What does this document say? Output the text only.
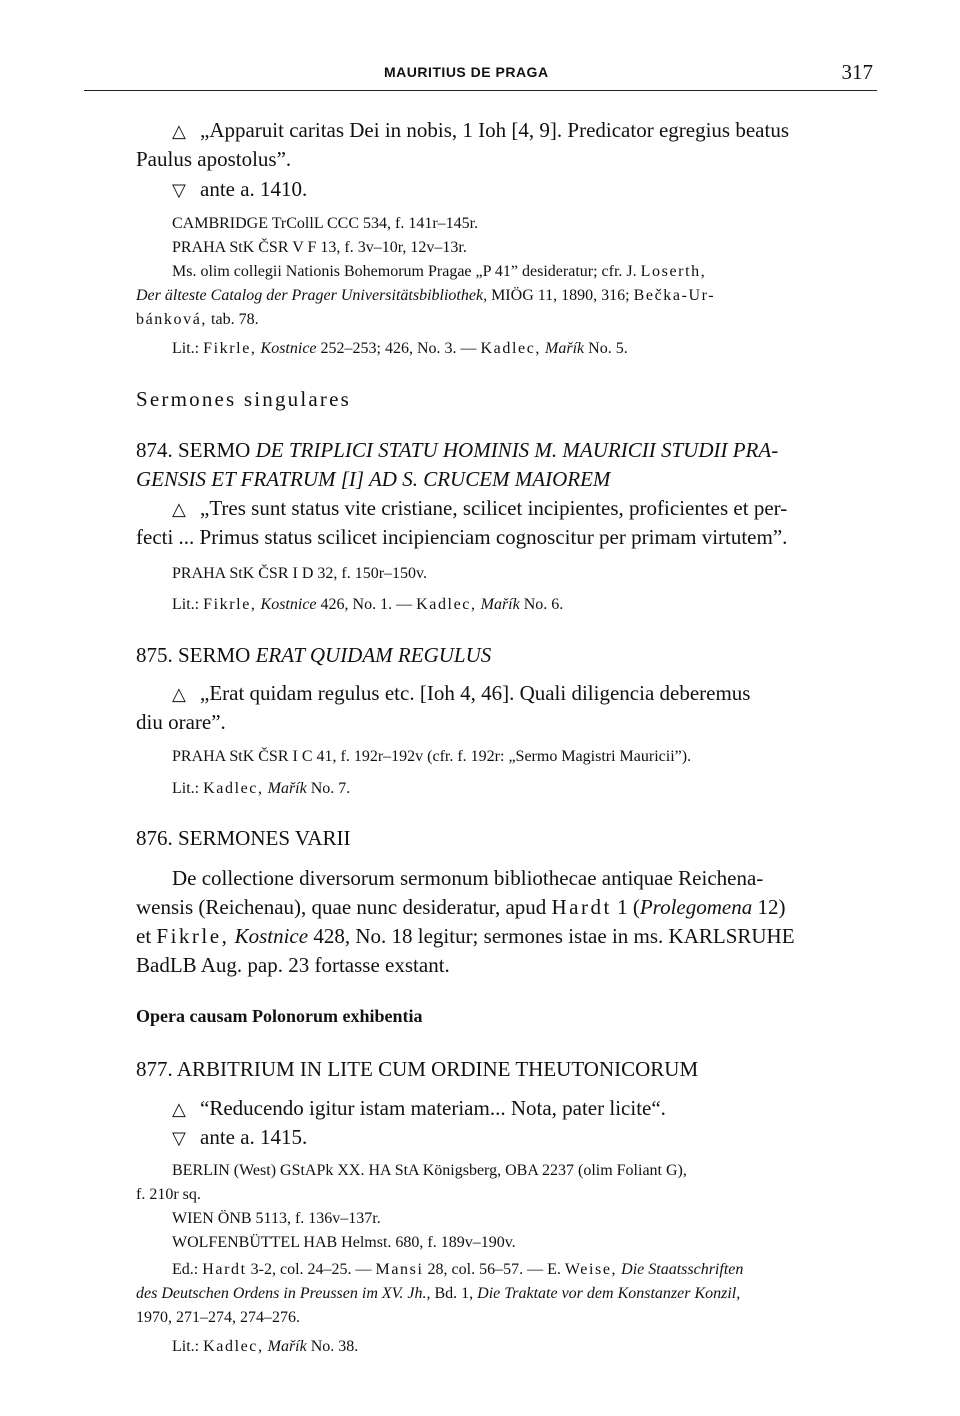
MAURITIUS DE PRAGA	317
△ „Apparuit caritas Dei in nobis, 1 Ioh [4, 9]. Predicator egregius beatus
Paulus apostolus”.
▽ ante a. 1410.
CAMBRIDGE TrCollL CCC 534, f. 141r–145r.
PRAHA StK ČSR V F 13, f. 3v–10r, 12v–13r.
Ms. olim collegii Nationis Bohemorum Pragae „P 41” desideratur; cfr. J. Loserth,
Der älteste Catalog der Prager Universitätsbibliothek, MIÖG 11, 1890, 316; Bečka-Ur-
bánková, tab. 78.
Lit.: Fikrle, Kostnice 252–253; 426, No. 3. — Kadlec, Mařík No. 5.
Sermones singulares
874. SERMO DE TRIPLICI STATU HOMINIS M. MAURICII STUDII PRA-
GENSIS ET FRATRUM [I] AD S. CRUCEM MAIOREM
△ „Tres sunt status vite cristiane, scilicet incipientes, proficientes et per-
fecti ... Primus status scilicet incipienciam cognoscitur per primam virtutem”.
PRAHA StK ČSR I D 32, f. 150r–150v.
Lit.: Fikrle, Kostnice 426, No. 1. — Kadlec, Mařík No. 6.
875. SERMO ERAT QUIDAM REGULUS
△ „Erat quidam regulus etc. [Ioh 4, 46]. Quali diligencia deberemus
diu orare”.
PRAHA StK ČSR I C 41, f. 192r–192v (cfr. f. 192r: „Sermo Magistri Mauricii”).
Lit.: Kadlec, Mařík No. 7.
876. SERMONES VARII
De collectione diversorum sermonum bibliothecae antiquae Reichena-
wensis (Reichenau), quae nunc desideratur, apud Hardt 1 (Prolegomena 12)
et Fikrle, Kostnice 428, No. 18 legitur; sermones istae in ms. KARLSRUHE
BadLB Aug. pap. 23 fortasse exstant.
Opera causam Polonorum exhibentia
877. ARBITRIUM IN LITE CUM ORDINE THEUTONICORUM
△ “Reducendo igitur istam materiam... Nota, pater licite“.
▽ ante a. 1415.
BERLIN (West) GStAPk XX. HA StA Königsberg, OBA 2237 (olim Foliant G),
f. 210r sq.
WIEN ÖNB 5113, f. 136v–137r.
WOLFENBÜTTEL HAB Helmst. 680, f. 189v–190v.
Ed.: Hardt 3-2, col. 24–25. — Mansi 28, col. 56–57. — E. Weise, Die Staatsschriften
des Deutschen Ordens in Preussen im XV. Jh., Bd. 1, Die Traktate vor dem Konstanzer Konzil,
1970, 271–274, 274–276.
Lit.: Kadlec, Mařík No. 38.
